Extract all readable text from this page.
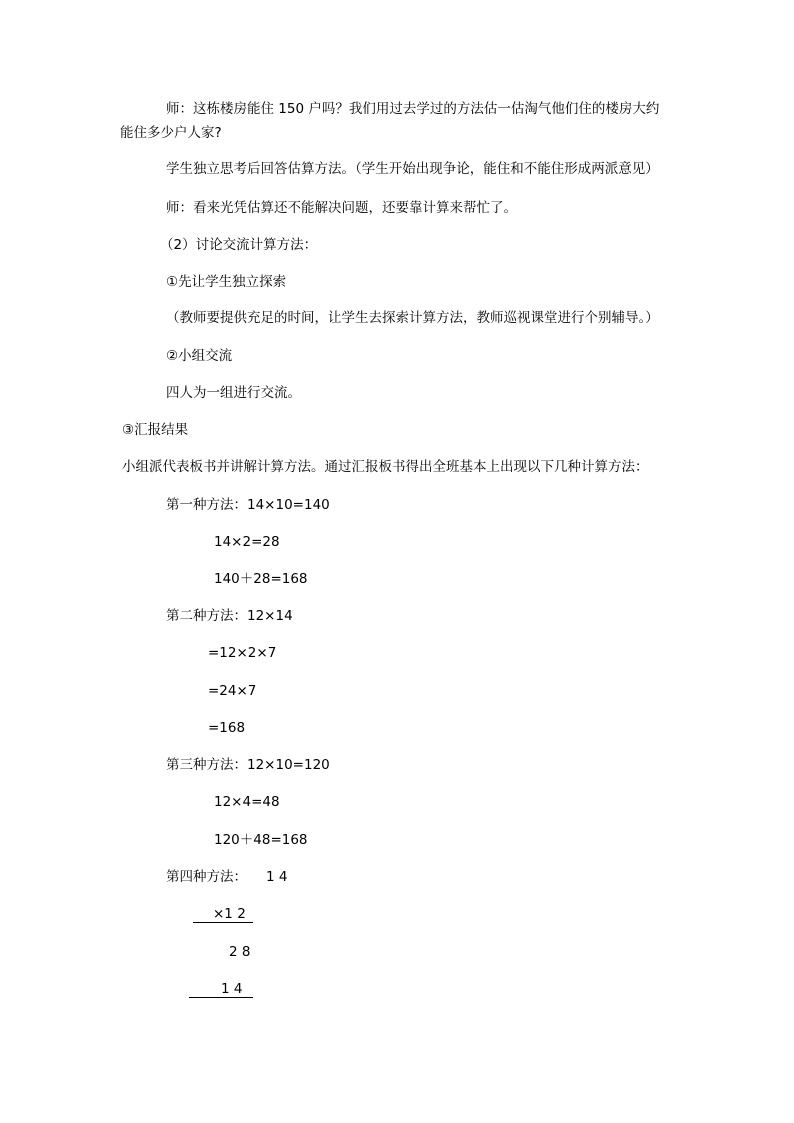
师：这栋楼房能住 150 户吗？我们用过去学过的方法估一估淘气他们住的楼房大约
能住多少户人家?
学生独立思考后回答估算方法。（学生开始出现争论，能住和不能住形成两派意见）
师：看来光凭估算还不能解决问题，还要靠计算来帮忙了。
（2）讨论交流计算方法：
①先让学生独立探索
（教师要提供充足的时间，让学生去探索计算方法，教师巡视课堂进行个别辅导。）
②小组交流
四人为一组进行交流。
③汇报结果
小组派代表板书并讲解计算方法。通过汇报板书得出全班基本上出现以下几种计算方法：
第一种方法：14×10=140
14×2=28
140＋28=168
第二种方法：12×14
=12×2×7
=24×7
=168
第三种方法：12×10=120
12×4=48
120＋48=168
第四种方法： 1 4
×1 2
2 8
1 4
